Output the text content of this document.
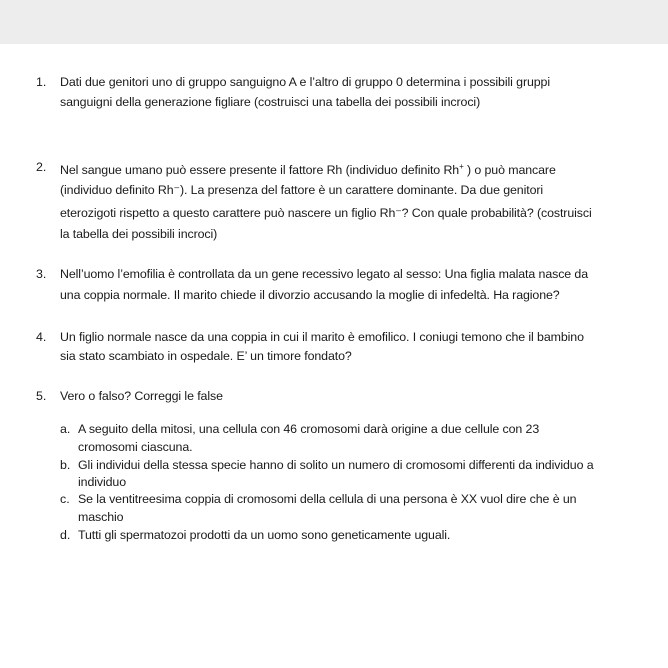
1. Dati due genitori uno di gruppo sanguigno A e l’altro di gruppo 0 determina i possibili gruppi
sanguigni della generazione figliare (costruisci una tabella dei possibili incroci)
2. Nel sangue umano può essere presente il fattore Rh (individuo definito Rh+ ) o può mancare
(individuo definito Rh⁻). La presenza del fattore è un carattere dominante. Da due genitori
eterozigoti rispetto a questo carattere può nascere un figlio Rh⁻? Con quale probabilità? (costruisci
la tabella dei possibili incroci)
3. Nell’uomo l’emofilia è controllata da un gene recessivo legato al sesso: Una figlia malata nasce da
una coppia normale. Il marito chiede il divorzio accusando la moglie di infedeltà. Ha ragione?
4. Un figlio normale nasce da una coppia in cui il marito è emofilico. I coniugi temono che il bambino
sia stato scambiato in ospedale. E’ un timore fondato?
5. Vero o falso? Correggi le false
a. A seguito della mitosi, una cellula con 46 cromosomi darà origine a due cellule con 23
cromosomi ciascuna.
b. Gli individui della stessa specie hanno di solito un numero di cromosomi differenti da individuo a
individuo
c. Se la ventitreesima coppia di cromosomi della cellula di una persona è XX vuol dire che è un
maschio
d. Tutti gli spermatozoi prodotti da un uomo sono geneticamente uguali.
